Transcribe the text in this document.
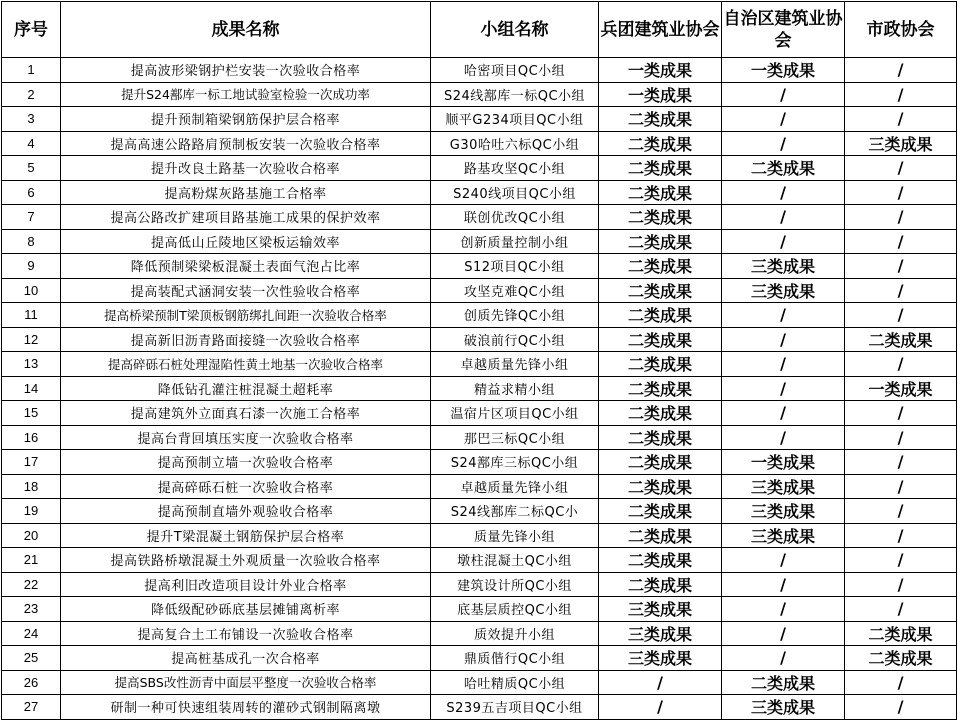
序号	成果名称	小组名称	兵团建筑业协会	自治区建筑业协会	市政协会
1	提高波形梁钢护栏安装一次验收合格率	哈密项目QC小组	一类成果	一类成果	/
2	提升S24鄯库一标工地试验室检验一次成功率	S24线鄯库一标QC小组	一类成果	/	/
3	提升预制箱梁钢筋保护层合格率	顺平G234项目QC小组	二类成果	/	/
4	提高高速公路路肩预制板安装一次验收合格率	G30哈吐六标QC小组	二类成果	/	三类成果
5	提升改良土路基一次验收合格率	路基攻坚QC小组	二类成果	二类成果	/
6	提高粉煤灰路基施工合格率	S240线项目QC小组	二类成果	/	/
7	提高公路改扩建项目路基施工成果的保护效率	联创优改QC小组	二类成果	/	/
8	提高低山丘陵地区梁板运输效率	创新质量控制小组	二类成果	/	/
9	降低预制梁梁板混凝土表面气泡占比率	S12项目QC小组	二类成果	三类成果	/
10	提高装配式涵洞安装一次性验收合格率	攻坚克难QC小组	二类成果	三类成果	/
11	提高桥梁预制T梁顶板钢筋绑扎间距一次验收合格率	创质先锋QC小组	二类成果	/	/
12	提高新旧沥青路面接缝一次验收合格率	破浪前行QC小组	二类成果	/	二类成果
13	提高碎砾石桩处理湿陷性黄土地基一次验收合格率	卓越质量先锋小组	二类成果	/	/
14	降低钻孔灌注桩混凝土超耗率	精益求精小组	二类成果	/	一类成果
15	提高建筑外立面真石漆一次施工合格率	温宿片区项目QC小组	二类成果	/	/
16	提高台背回填压实度一次验收合格率	那巴三标QC小组	二类成果	/	/
17	提高预制立墙一次验收合格率	S24鄯库三标QC小组	二类成果	一类成果	/
18	提高碎砾石桩一次验收合格率	卓越质量先锋小组	二类成果	三类成果	/
19	提高预制直墙外观验收合格率	S24线鄯库二标QC小	二类成果	三类成果	/
20	提升T梁混凝土钢筋保护层合格率	质量先锋小组	二类成果	三类成果	/
21	提高铁路桥墩混凝土外观质量一次验收合格率	墩柱混凝土QC小组	二类成果	/	/
22	提高利旧改造项目设计外业合格率	建筑设计所QC小组	二类成果	/	/
23	降低级配砂砾底基层摊铺离析率	底基层质控QC小组	三类成果	/	/
24	提高复合土工布铺设一次验收合格率	质效提升小组	三类成果	/	二类成果
25	提高桩基成孔一次合格率	鼎质偕行QC小组	三类成果	/	二类成果
26	提高SBS改性沥青中面层平整度一次验收合格率	哈吐精质QC小组	/	二类成果	/
27	研制一种可快速组装周转的灌砂式钢制隔离墩	S239五吉项目QC小组	/	三类成果	/
